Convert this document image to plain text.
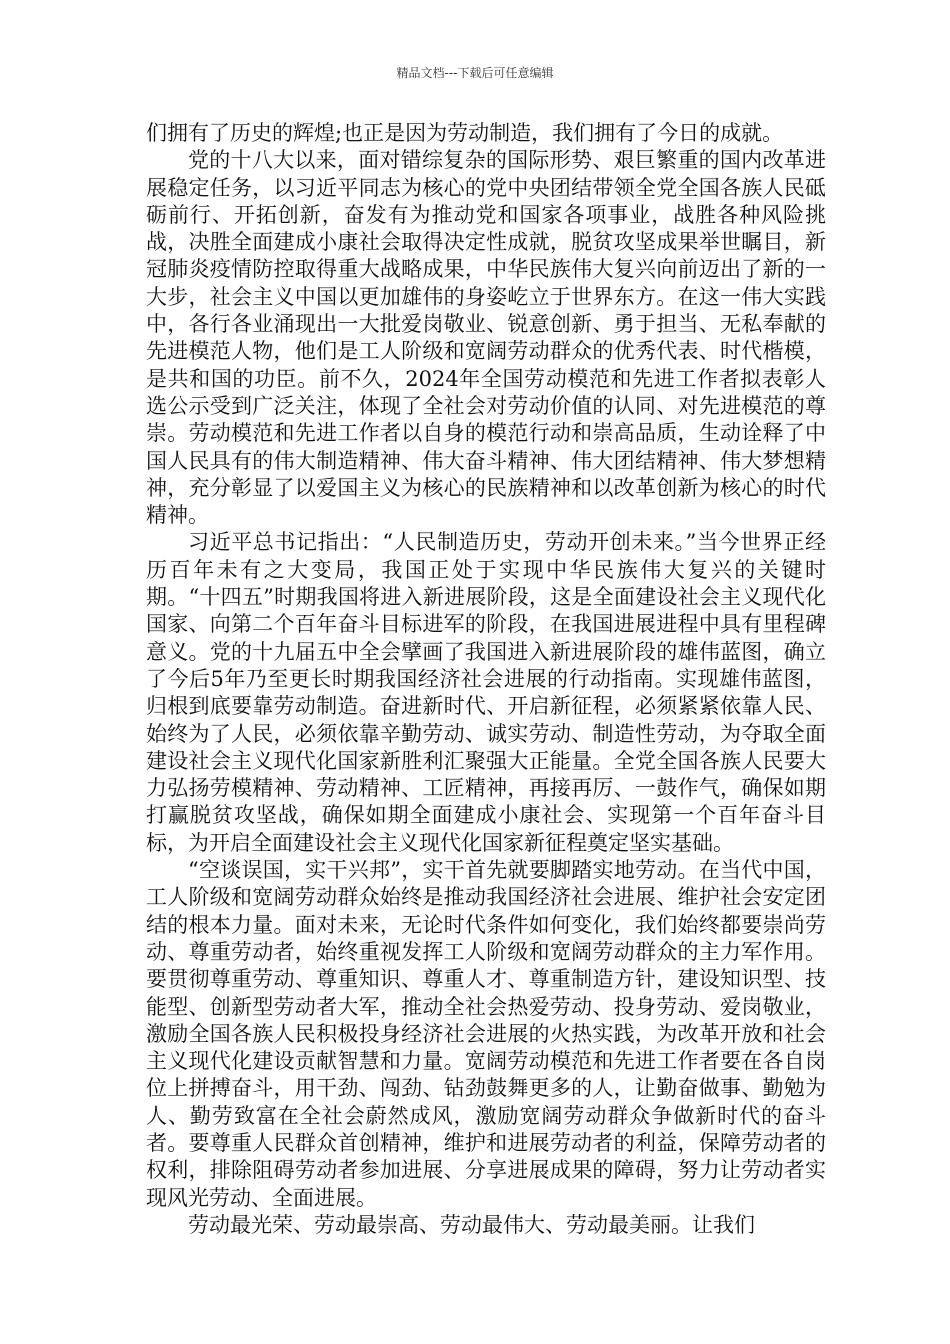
精品文档---下载后可任意编辑

们拥有了历史的辉煌;也正是因为劳动制造，我们拥有了今日的成就。

党的十八大以来，面对错综复杂的国际形势、艰巨繁重的国内改革进展稳定任务，以习近平同志为核心的党中央团结带领全党全国各族人民砥砺前行、开拓创新，奋发有为推动党和国家各项事业，战胜各种风险挑战，决胜全面建成小康社会取得决定性成就，脱贫攻坚成果举世瞩目，新冠肺炎疫情防控取得重大战略成果，中华民族伟大复兴向前迈出了新的一大步，社会主义中国以更加雄伟的身姿屹立于世界东方。在这一伟大实践中，各行各业涌现出一大批爱岗敬业、锐意创新、勇于担当、无私奉献的先进模范人物，他们是工人阶级和宽阔劳动群众的优秀代表、时代楷模，是共和国的功臣。前不久，2024年全国劳动模范和先进工作者拟表彰人选公示受到广泛关注，体现了全社会对劳动价值的认同、对先进模范的尊崇。劳动模范和先进工作者以自身的模范行动和崇高品质，生动诠释了中国人民具有的伟大制造精神、伟大奋斗精神、伟大团结精神、伟大梦想精神，充分彰显了以爱国主义为核心的民族精神和以改革创新为核心的时代精神。

习近平总书记指出：“人民制造历史，劳动开创未来。”当今世界正经历百年未有之大变局，我国正处于实现中华民族伟大复兴的关键时期。“十四五”时期我国将进入新进展阶段，这是全面建设社会主义现代化国家、向第二个百年奋斗目标进军的阶段，在我国进展进程中具有里程碑意义。党的十九届五中全会擘画了我国进入新进展阶段的雄伟蓝图，确立了今后5年乃至更长时期我国经济社会进展的行动指南。实现雄伟蓝图，归根到底要靠劳动制造。奋进新时代、开启新征程，必须紧紧依靠人民、始终为了人民，必须依靠辛勤劳动、诚实劳动、制造性劳动，为夺取全面建设社会主义现代化国家新胜利汇聚强大正能量。全党全国各族人民要大力弘扬劳模精神、劳动精神、工匠精神，再接再厉、一鼓作气，确保如期打赢脱贫攻坚战，确保如期全面建成小康社会、实现第一个百年奋斗目标，为开启全面建设社会主义现代化国家新征程奠定坚实基础。

“空谈误国，实干兴邦”，实干首先就要脚踏实地劳动。在当代中国，工人阶级和宽阔劳动群众始终是推动我国经济社会进展、维护社会安定团结的根本力量。面对未来，无论时代条件如何变化，我们始终都要崇尚劳动、尊重劳动者，始终重视发挥工人阶级和宽阔劳动群众的主力军作用。要贯彻尊重劳动、尊重知识、尊重人才、尊重制造方针，建设知识型、技能型、创新型劳动者大军，推动全社会热爱劳动、投身劳动、爱岗敬业，激励全国各族人民积极投身经济社会进展的火热实践，为改革开放和社会主义现代化建设贡献智慧和力量。宽阔劳动模范和先进工作者要在各自岗位上拼搏奋斗，用干劲、闯劲、钻劲鼓舞更多的人，让勤奋做事、勤勉为人、勤劳致富在全社会蔚然成风，激励宽阔劳动群众争做新时代的奋斗者。要尊重人民群众首创精神，维护和进展劳动者的利益，保障劳动者的权利，排除阻碍劳动者参加进展、分享进展成果的障碍，努力让劳动者实现风光劳动、全面进展。

劳动最光荣、劳动最崇高、劳动最伟大、劳动最美丽。让我们
